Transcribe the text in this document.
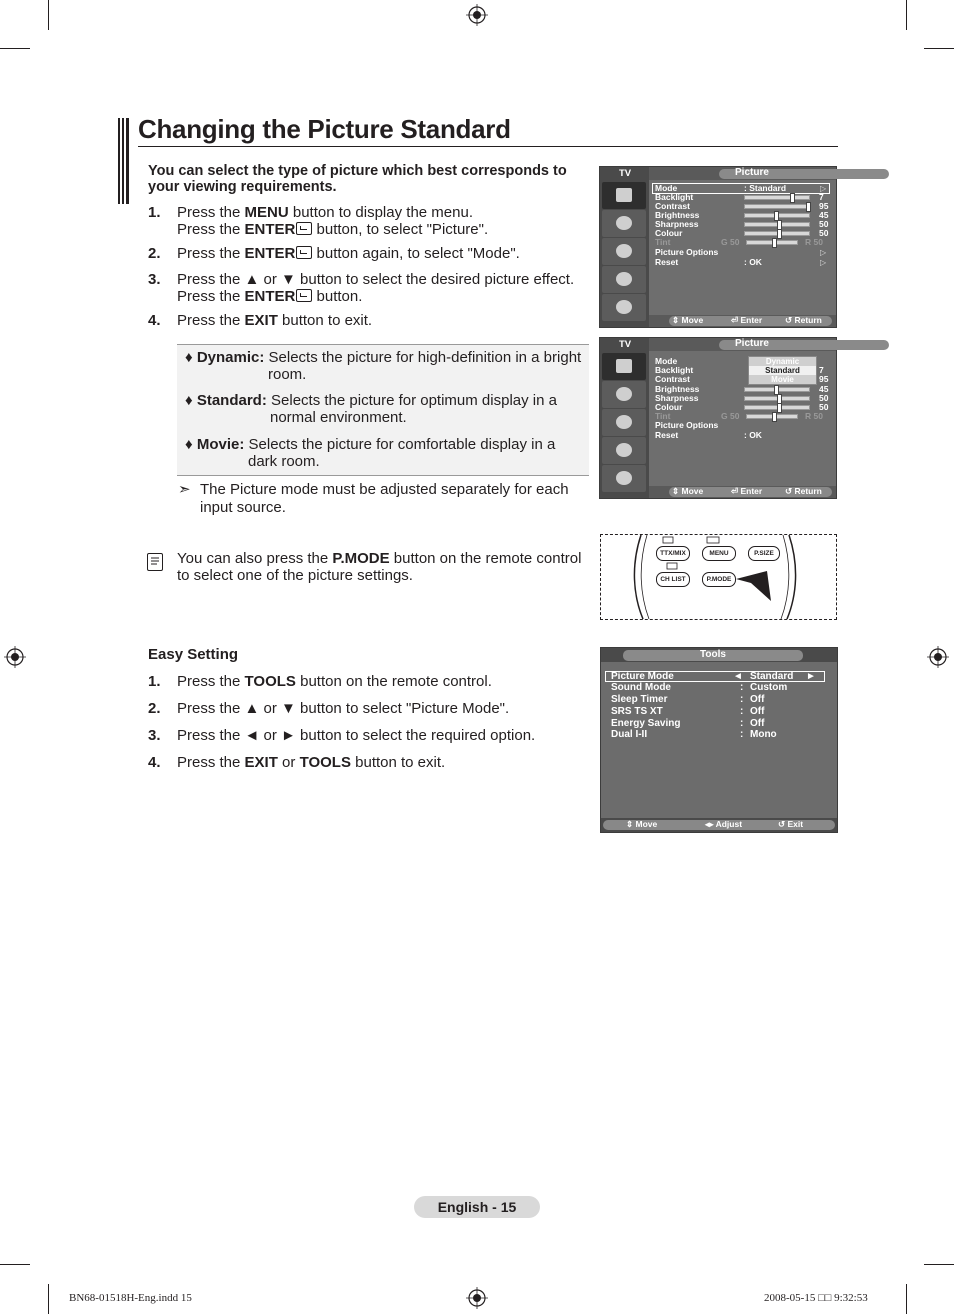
Changing the Picture Standard
You can select the type of picture which best corresponds to your viewing requirements.
1. Press the MENU button to display the menu.
Press the ENTER button, to select "Picture".
2. Press the ENTER button again, to select "Mode".
3. Press the ▲ or ▼ button to select the desired picture effect.
Press the ENTER button.
4. Press the EXIT button to exit.
♦ Dynamic: Selects the picture for high-definition in a bright
room.
♦ Standard: Selects the picture for optimum display in a
normal environment.
♦ Movie: Selects the picture for comfortable display in a
dark room.
➣ The Picture mode must be adjusted separately for each
input source.
You can also press the P.MODE button on the remote control to select one of the picture settings.
Easy Setting
1. Press the TOOLS button on the remote control.
2. Press the ▲ or ▼ button to select "Picture Mode".
3. Press the ◄ or ► button to select the required option.
4. Press the EXIT or TOOLS button to exit.
TV	Picture
Mode	: Standard	▷
Backlight	7
Contrast	95
Brightness	45
Sharpness	50
Colour	50
Tint	G 50	R 50
Picture Options	▷
Reset	: OK	▷
⇕ Move	⏎ Enter	↺ Return
TV	Picture
Mode
Backlight	7
Contrast	95
Brightness	45
Sharpness	50
Colour	50
Tint	G 50	R 50
Picture Options
Reset	: OK
Dynamic
Standard
Movie
⇕ Move	⏎ Enter	↺ Return
TTX/MIX	MENU	P.SIZE
CH LIST	P.MODE
Tools
Picture Mode	◄ Standard ►
Sound Mode	: Custom
Sleep Timer	: Off
SRS TS XT	: Off
Energy Saving	: Off
Dual I-II	: Mono
⇕ Move	◂▸ Adjust	↺ Exit
English - 15
BN68-01518H-Eng.indd 15	2008-05-15 □□ 9:32:53
